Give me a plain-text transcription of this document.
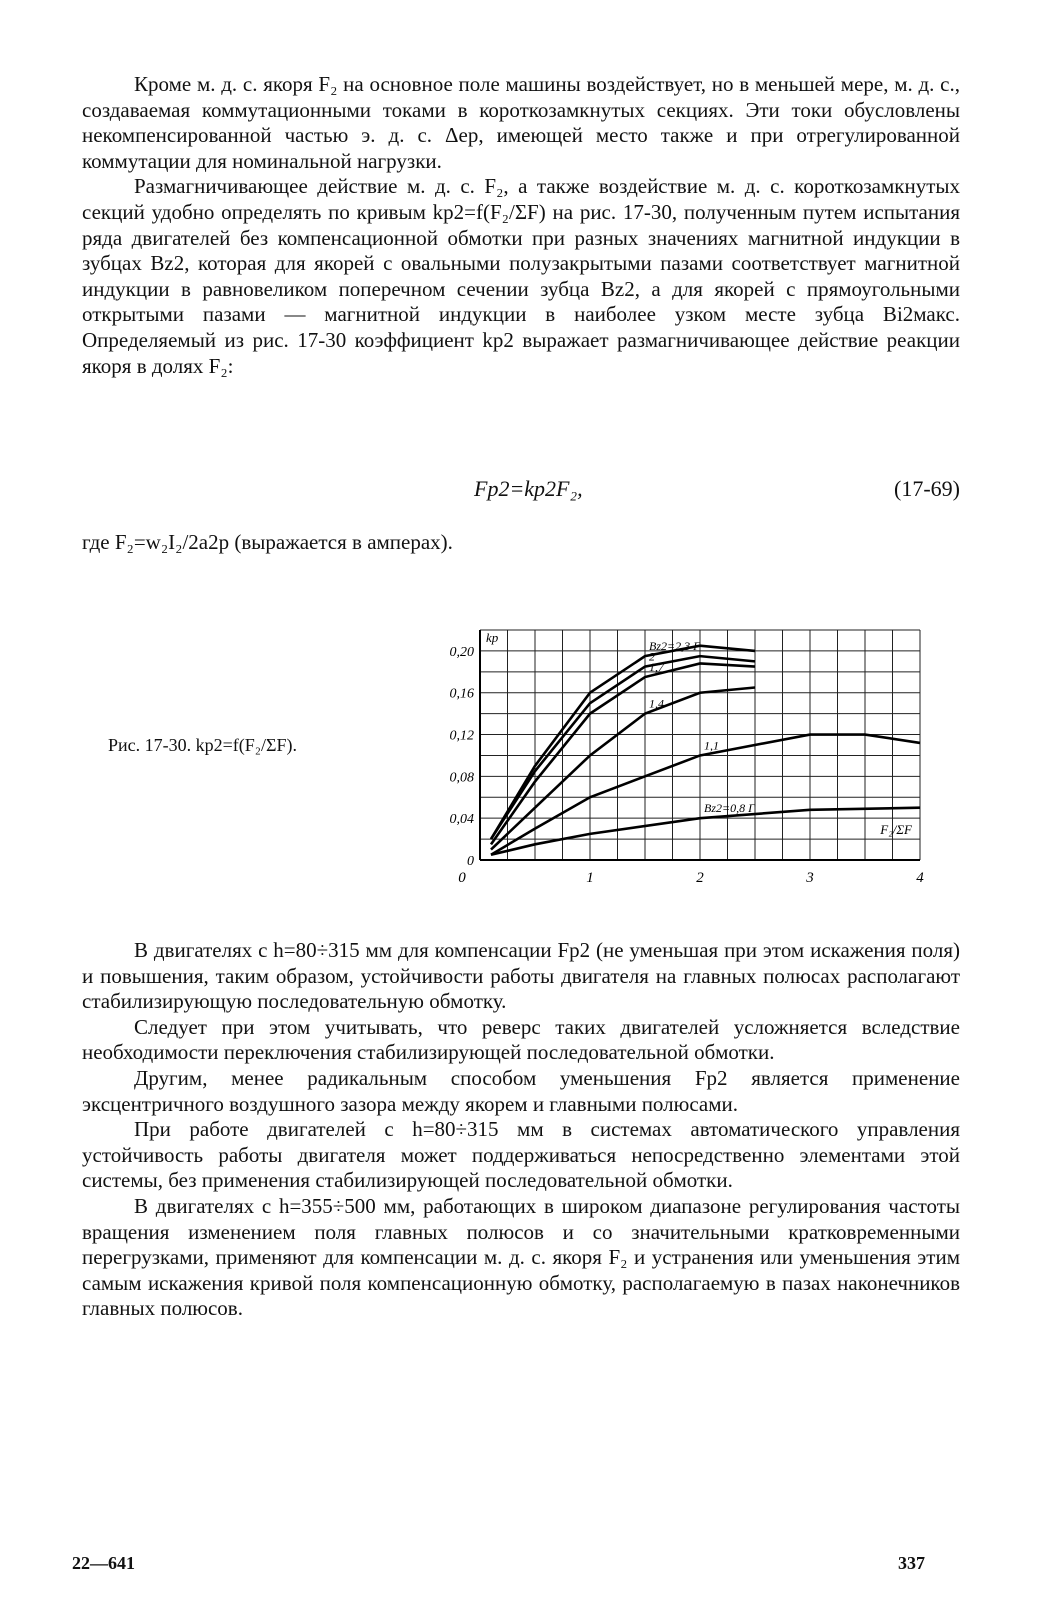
Кроме м. д. с. якоря F₂ на основное поле машины воздействует, но в меньшей мере, м. д. с., создаваемая коммутационными токами в короткозамкнутых секциях. Эти токи обусловлены некомпенсированной частью э. д. с. Δeр, имеющей место также и при отрегулированной коммутации для номинальной нагрузки.

Размагничивающее действие м. д. с. F₂, а также воздействие м. д. с. короткозамкнутых секций удобно определять по кривым kр2=f(F₂/ΣF) на рис. 17-30, полученным путем испытания ряда двигателей без компенсационной обмотки при разных значениях магнитной индукции в зубцах Bz2, которая для якорей с овальными полузакрытыми пазами соответствует магнитной индукции в равновеликом поперечном сечении зубца Bz2, а для якорей с прямоугольными открытыми пазами — магнитной индукции в наиболее узком месте зубца Bi2макс. Определяемый из рис. 17-30 коэффициент kр2 выражает размагничивающее действие реакции якоря в долях F₂:

Fр2=kр2F₂,	(17-69)
где F₂=w₂I₂/2a2p (выражается в амперах).
Рис. 17-30. kр2=f(F₂/ΣF).
0
0,04
0,08
0,12
0,16
0,20
0	1	2	3	4
kр
F₂/ΣF
Bz2=2,3 Г
2
1,7
1,4
1,1
Bz2=0,8 Г

В двигателях с h=80÷315 мм для компенсации Fр2 (не уменьшая при этом искажения поля) и повышения, таким образом, устойчивости работы двигателя на главных полюсах располагают стабилизирующую последовательную обмотку.

Следует при этом учитывать, что реверс таких двигателей усложняется вследствие необходимости переключения стабилизирующей последовательной обмотки.

Другим, менее радикальным способом уменьшения Fр2 является применение эксцентричного воздушного зазора между якорем и главными полюсами.

При работе двигателей с h=80÷315 мм в системах автоматического управления устойчивость работы двигателя может поддерживаться непосредственно элементами этой системы, без применения стабилизирующей последовательной обмотки.

В двигателях с h=355÷500 мм, работающих в широком диапазоне регулирования частоты вращения изменением поля главных полюсов и со значительными кратковременными перегрузками, применяют для компенсации м. д. с. якоря F₂ и устранения или уменьшения этим самым искажения кривой поля компенсационную обмотку, располагаемую в пазах наконечников главных полюсов.

22—641	337
